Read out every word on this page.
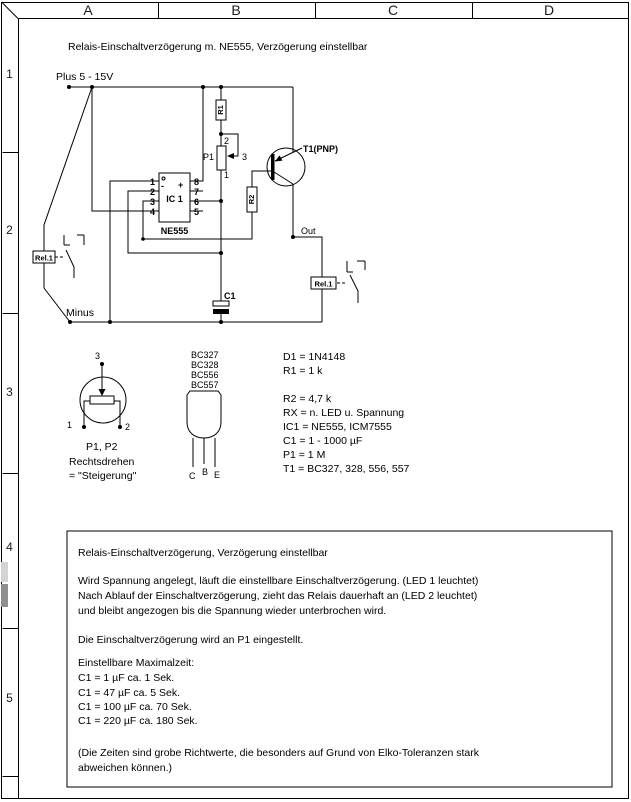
A	B	C	D
1
2
3
4
5
Relais-Einschaltverzögerung m. NE555, Verzögerung einstellbar
Plus 5 - 15V
Minus
Rel.1
- +
IC 1
NE555
1
2
3
4
8
7
6
5
R1
P1
2
3
1
C1
R2
T1(PNP)
Out
Rel.1
3
1	2
P1, P2
Rechtsdrehen
= "Steigerung"
BC327
BC328
BC556
BC557
C B E
D1 = 1N4148
R1 = 1 k
R2 = 4,7 k
RX = n. LED u. Spannung
IC1 = NE555, ICM7555
C1 = 1 - 1000 µF
P1 = 1 M
T1 = BC327, 328, 556, 557
Relais-Einschaltverzögerung, Verzögerung einstellbar
Wird Spannung angelegt, läuft die einstellbare Einschaltverzögerung. (LED 1 leuchtet)
Nach Ablauf der Einschaltverzögerung, zieht das Relais dauerhaft an (LED 2 leuchtet)
und bleibt angezogen bis die Spannung wieder unterbrochen wird.
Die Einschaltverzögerung wird an P1 eingestellt.
Einstellbare Maximalzeit:
C1 = 1 µF ca. 1 Sek.
C1 = 47 µF ca. 5 Sek.
C1 = 100 µF ca. 70 Sek.
C1 = 220 µF ca. 180 Sek.
(Die Zeiten sind grobe Richtwerte, die besonders auf Grund von Elko-Toleranzen stark
abweichen können.)
